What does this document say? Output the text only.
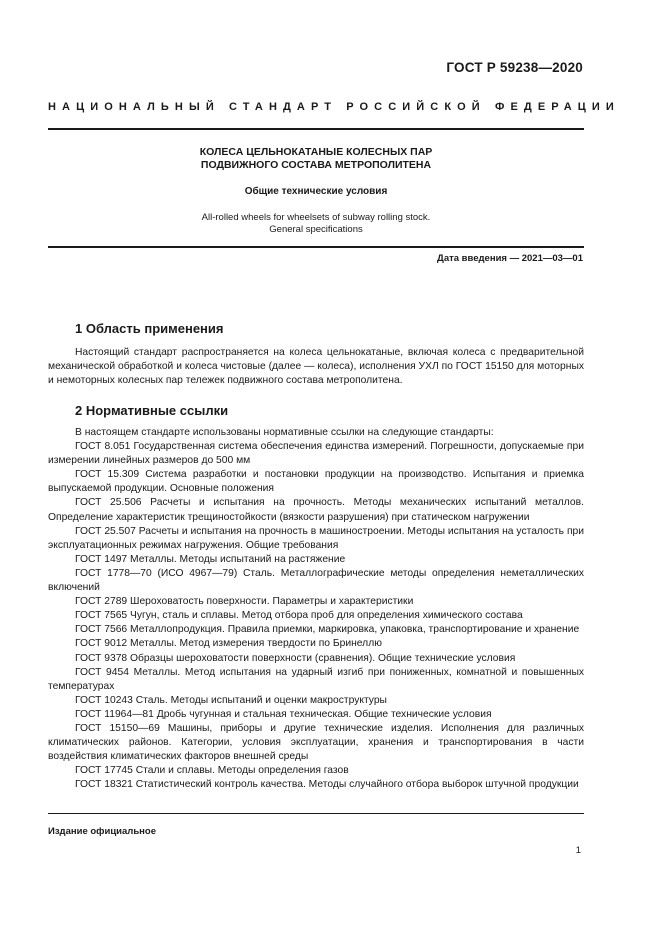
ГОСТ Р 59238—2020
НАЦИОНАЛЬНЫЙ СТАНДАРТ РОССИЙСКОЙ ФЕДЕРАЦИИ
КОЛЕСА ЦЕЛЬНОКАТАНЫЕ КОЛЕСНЫХ ПАР
ПОДВИЖНОГО СОСТАВА МЕТРОПОЛИТЕНА
Общие технические условия
All-rolled wheels for wheelsets of subway rolling stock.
General specifications
Дата введения — 2021—03—01
1 Область применения

Настоящий стандарт распространяется на колеса цельнокатаные, включая колеса с предварительной механической обработкой и колеса чистовые (далее — колеса), исполнения УХЛ по ГОСТ 15150 для моторных и немоторных колесных пар тележек подвижного состава метрополитена.

2 Нормативные ссылки

В настоящем стандарте использованы нормативные ссылки на следующие стандарты:

ГОСТ 8.051 Государственная система обеспечения единства измерений. Погрешности, допускаемые при измерении линейных размеров до 500 мм

ГОСТ 15.309 Система разработки и постановки продукции на производство. Испытания и приемка выпускаемой продукции. Основные положения

ГОСТ 25.506 Расчеты и испытания на прочность. Методы механических испытаний металлов. Определение характеристик трещиностойкости (вязкости разрушения) при статическом нагружении

ГОСТ 25.507 Расчеты и испытания на прочность в машиностроении. Методы испытания на усталость при эксплуатационных режимах нагружения. Общие требования

ГОСТ 1497 Металлы. Методы испытаний на растяжение

ГОСТ 1778—70 (ИСО 4967—79) Сталь. Металлографические методы определения неметаллических включений

ГОСТ 2789 Шероховатость поверхности. Параметры и характеристики

ГОСТ 7565 Чугун, сталь и сплавы. Метод отбора проб для определения химического состава

ГОСТ 7566 Металлопродукция. Правила приемки, маркировка, упаковка, транспортирование и хранение

ГОСТ 9012 Металлы. Метод измерения твердости по Бринеллю

ГОСТ 9378 Образцы шероховатости поверхности (сравнения). Общие технические условия

ГОСТ 9454 Металлы. Метод испытания на ударный изгиб при пониженных, комнатной и повышенных температурах

ГОСТ 10243 Сталь. Методы испытаний и оценки макроструктуры

ГОСТ 11964—81 Дробь чугунная и стальная техническая. Общие технические условия

ГОСТ 15150—69 Машины, приборы и другие технические изделия. Исполнения для различных климатических районов. Категории, условия эксплуатации, хранения и транспортирования в части воздействия климатических факторов внешней среды

ГОСТ 17745 Стали и сплавы. Методы определения газов

ГОСТ 18321 Статистический контроль качества. Методы случайного отбора выборок штучной продукции

Издание официальное
1
